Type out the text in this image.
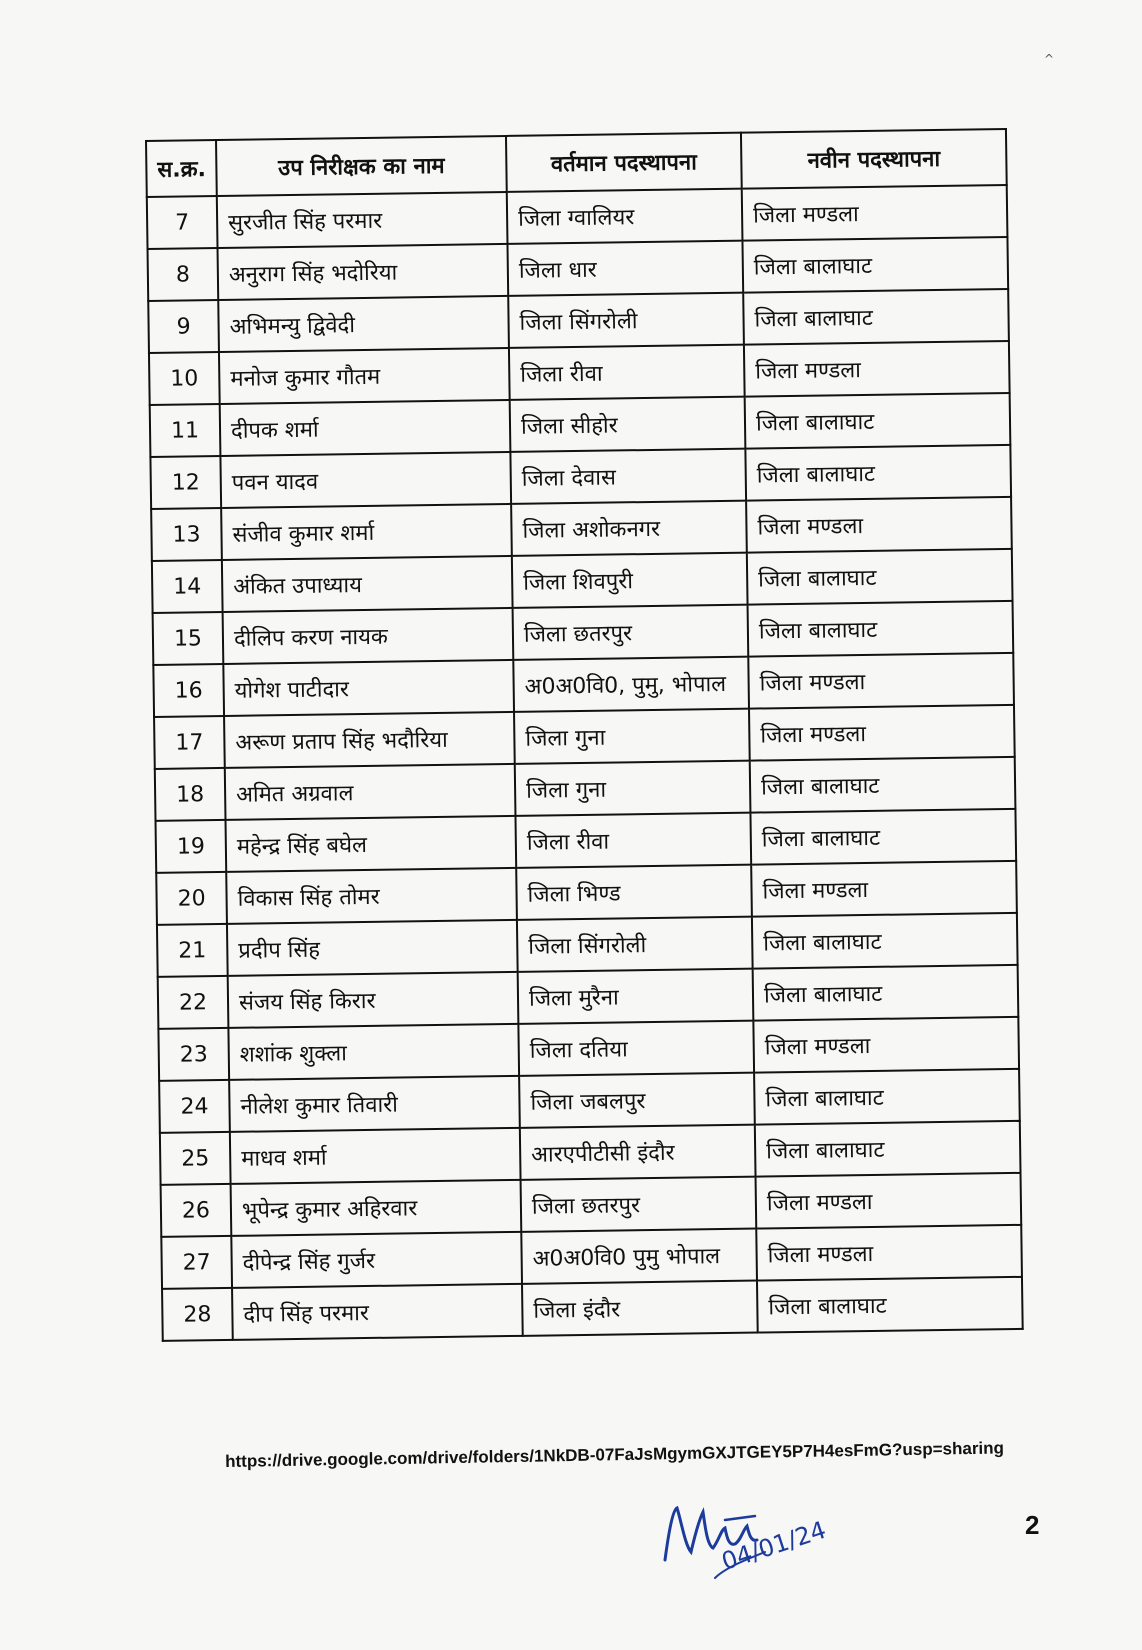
^
स.क्र.	उप निरीक्षक का नाम	वर्तमान पदस्थापना	नवीन पदस्थापना
7	सुरजीत सिंह परमार	जिला ग्वालियर	जिला मण्डला
8	अनुराग सिंह भदोरिया	जिला धार	जिला बालाघाट
9	अभिमन्यु द्विवेदी	जिला सिंगरोली	जिला बालाघाट
10	मनोज कुमार गौतम	जिला रीवा	जिला मण्डला
11	दीपक शर्मा	जिला सीहोर	जिला बालाघाट
12	पवन यादव	जिला देवास	जिला बालाघाट
13	संजीव कुमार शर्मा	जिला अशोकनगर	जिला मण्डला
14	अंकित उपाध्याय	जिला शिवपुरी	जिला बालाघाट
15	दीलिप करण नायक	जिला छतरपुर	जिला बालाघाट
16	योगेश पाटीदार	अ0अ0वि0, पुमु, भोपाल	जिला मण्डला
17	अरूण प्रताप सिंह भदौरिया	जिला गुना	जिला मण्डला
18	अमित अग्रवाल	जिला गुना	जिला बालाघाट
19	महेन्द्र सिंह बघेल	जिला रीवा	जिला बालाघाट
20	विकास सिंह तोमर	जिला भिण्ड	जिला मण्डला
21	प्रदीप सिंह	जिला सिंगरोली	जिला बालाघाट
22	संजय सिंह किरार	जिला मुरैना	जिला बालाघाट
23	शशांक शुक्ला	जिला दतिया	जिला मण्डला
24	नीलेश कुमार तिवारी	जिला जबलपुर	जिला बालाघाट
25	माधव शर्मा	आरएपीटीसी इंदौर	जिला बालाघाट
26	भूपेन्द्र कुमार अहिरवार	जिला छतरपुर	जिला मण्डला
27	दीपेन्द्र सिंह गुर्जर	अ0अ0वि0 पुमु भोपाल	जिला मण्डला
28	दीप सिंह परमार	जिला इंदौर	जिला बालाघाट
https://drive.google.com/drive/folders/1NkDB-07FaJsMgymGXJTGEY5P7H4esFmG?usp=sharing
04/01/24	2
